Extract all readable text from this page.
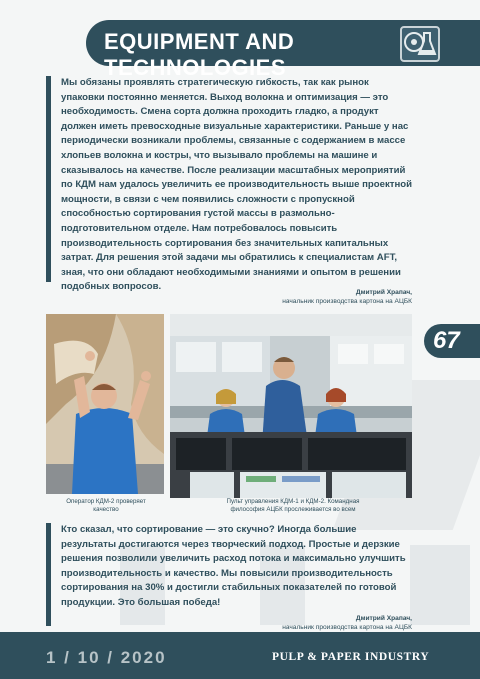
EQUIPMENT AND TECHNOLOGIES

Мы обязаны проявлять стратегическую гибкость, так как рынок упаковки постоянно меняется. Выход волокна и оптимизация — это необходимость. Смена сорта должна проходить гладко, а продукт должен иметь превосходные визуальные характеристики. Раньше у нас периодически возникали проблемы, связанные с содержанием в массе хлопьев волокна и костры, что вызывало проблемы на машине и сказывалось на качестве. После реализации масштабных мероприятий по КДМ нам удалось увеличить ее производительность выше проектной мощности, в связи с чем появились сложности с пропускной способностью сортирования густой массы в размольно-подготовительном отделе. Нам потребовалось повысить производительность сортирования без значительных капитальных затрат. Для решения этой задачи мы обратились к специалистам AFT, зная, что они обладают необходимыми знаниями и опытом в решении подобных вопросов.

Дмитрий Храпач,
начальник производства картона на АЦБК
Оператор КДМ-2 проверяет качество
Пульт управления КДМ-1 и КДМ-2. Командная философия АЦБК прослеживается во всем
67

Кто сказал, что сортирование — это скучно? Иногда большие результаты достигаются через творческий подход. Простые и дерзкие решения позволили увеличить расход потока и максимально улучшить производительность и качество. Мы повысили производительность сортирования на 30% и достигли стабильных показателей по готовой продукции. Это большая победа!

Дмитрий Храпач,
начальник производства картона на АЦБК
1 / 10 / 2020	PULP & PAPER INDUSTRY
